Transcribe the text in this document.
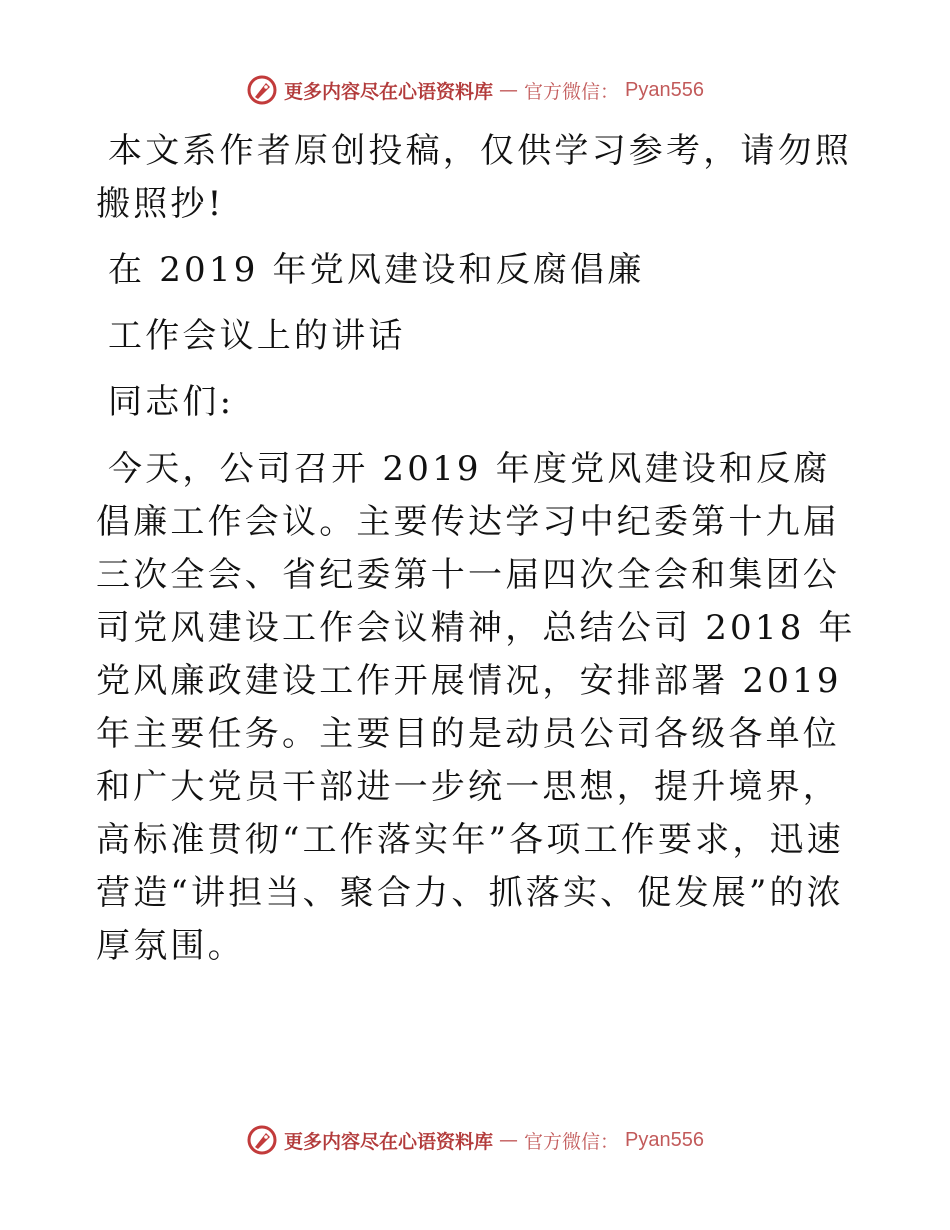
更多内容尽在心语资料库 — 官方微信： Pyan556

本文系作者原创投稿，仅供学习参考，请勿照搬照抄!

在 2019 年党风建设和反腐倡廉

工作会议上的讲话

同志们:

今天，公司召开 2019 年度党风建设和反腐倡廉工作会议。主要传达学习中纪委第十九届三次全会、省纪委第十一届四次全会和集团公司党风建设工作会议精神，总结公司 2018 年党风廉政建设工作开展情况，安排部署 2019 年主要任务。主要目的是动员公司各级各单位和广大党员干部进一步统一思想，提升境界，高标准贯彻“工作落实年”各项工作要求，迅速营造“讲担当、聚合力、抓落实、促发展”的浓厚氛围。

更多内容尽在心语资料库 — 官方微信： Pyan556
